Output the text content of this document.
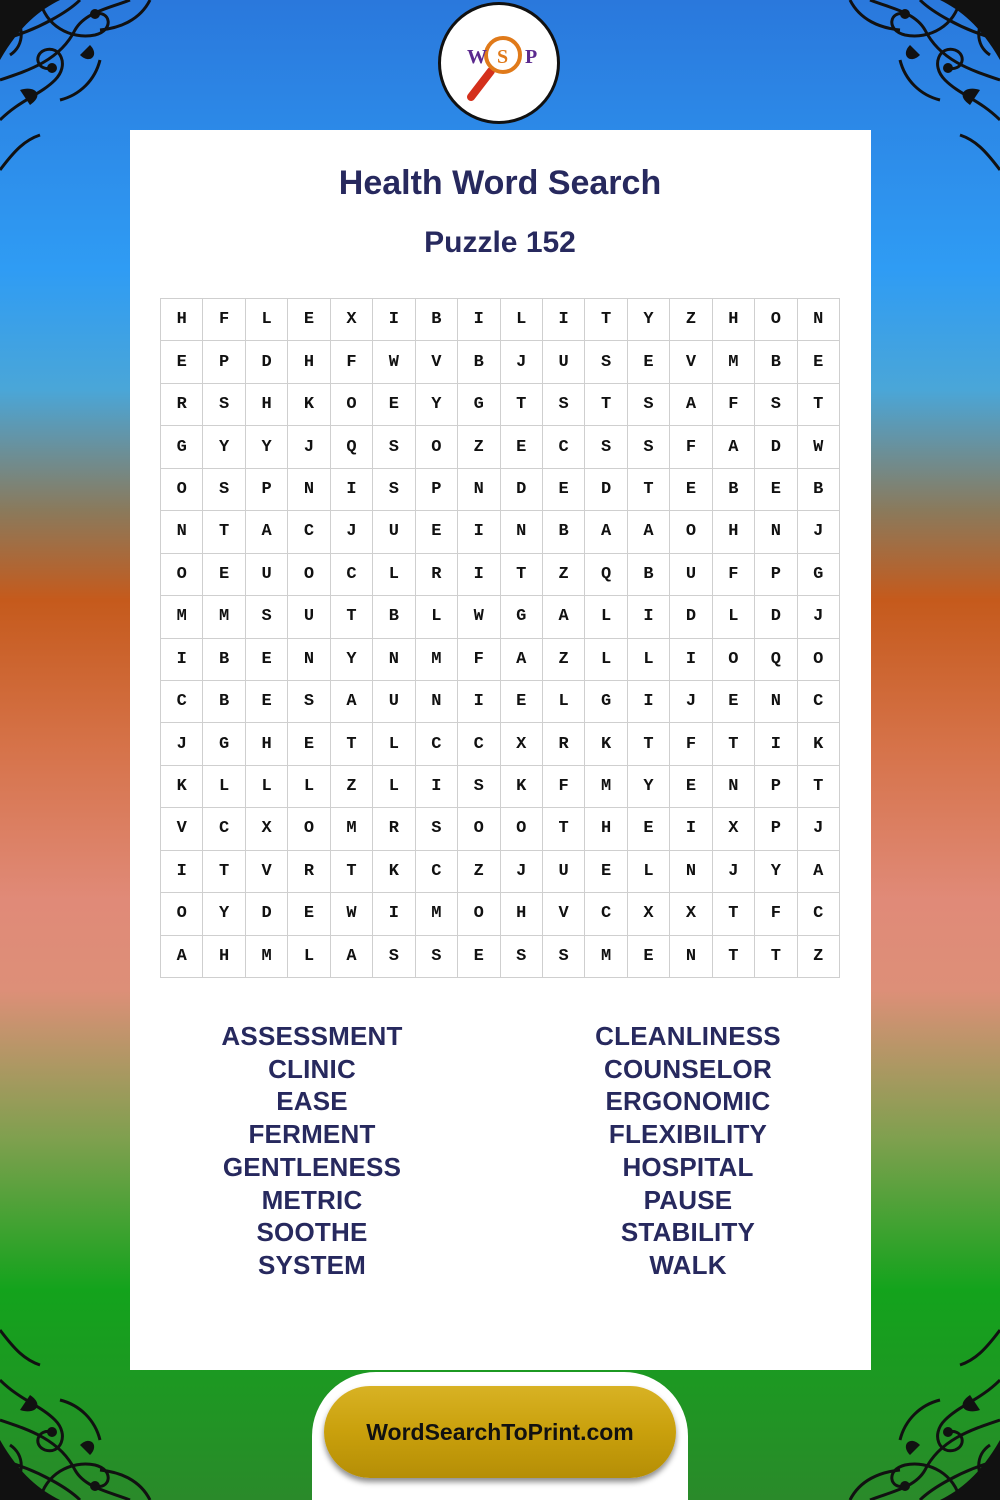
W S P
Health Word Search
Puzzle 152
H	F	L	E	X	I	B	I	L	I	T	Y	Z	H	O	N
E	P	D	H	F	W	V	B	J	U	S	E	V	M	B	E
R	S	H	K	O	E	Y	G	T	S	T	S	A	F	S	T
G	Y	Y	J	Q	S	O	Z	E	C	S	S	F	A	D	W
O	S	P	N	I	S	P	N	D	E	D	T	E	B	E	B
N	T	A	C	J	U	E	I	N	B	A	A	O	H	N	J
O	E	U	O	C	L	R	I	T	Z	Q	B	U	F	P	G
M	M	S	U	T	B	L	W	G	A	L	I	D	L	D	J
I	B	E	N	Y	N	M	F	A	Z	L	L	I	O	Q	O
C	B	E	S	A	U	N	I	E	L	G	I	J	E	N	C
J	G	H	E	T	L	C	C	X	R	K	T	F	T	I	K
K	L	L	L	Z	L	I	S	K	F	M	Y	E	N	P	T
V	C	X	O	M	R	S	O	O	T	H	E	I	X	P	J
I	T	V	R	T	K	C	Z	J	U	E	L	N	J	Y	A
O	Y	D	E	W	I	M	O	H	V	C	X	X	T	F	C
A	H	M	L	A	S	S	E	S	S	M	E	N	T	T	Z
ASSESSMENT
CLINIC
EASE
FERMENT
GENTLENESS
METRIC
SOOTHE
SYSTEM
CLEANLINESS
COUNSELOR
ERGONOMIC
FLEXIBILITY
HOSPITAL
PAUSE
STABILITY
WALK
WordSearchToPrint.com
